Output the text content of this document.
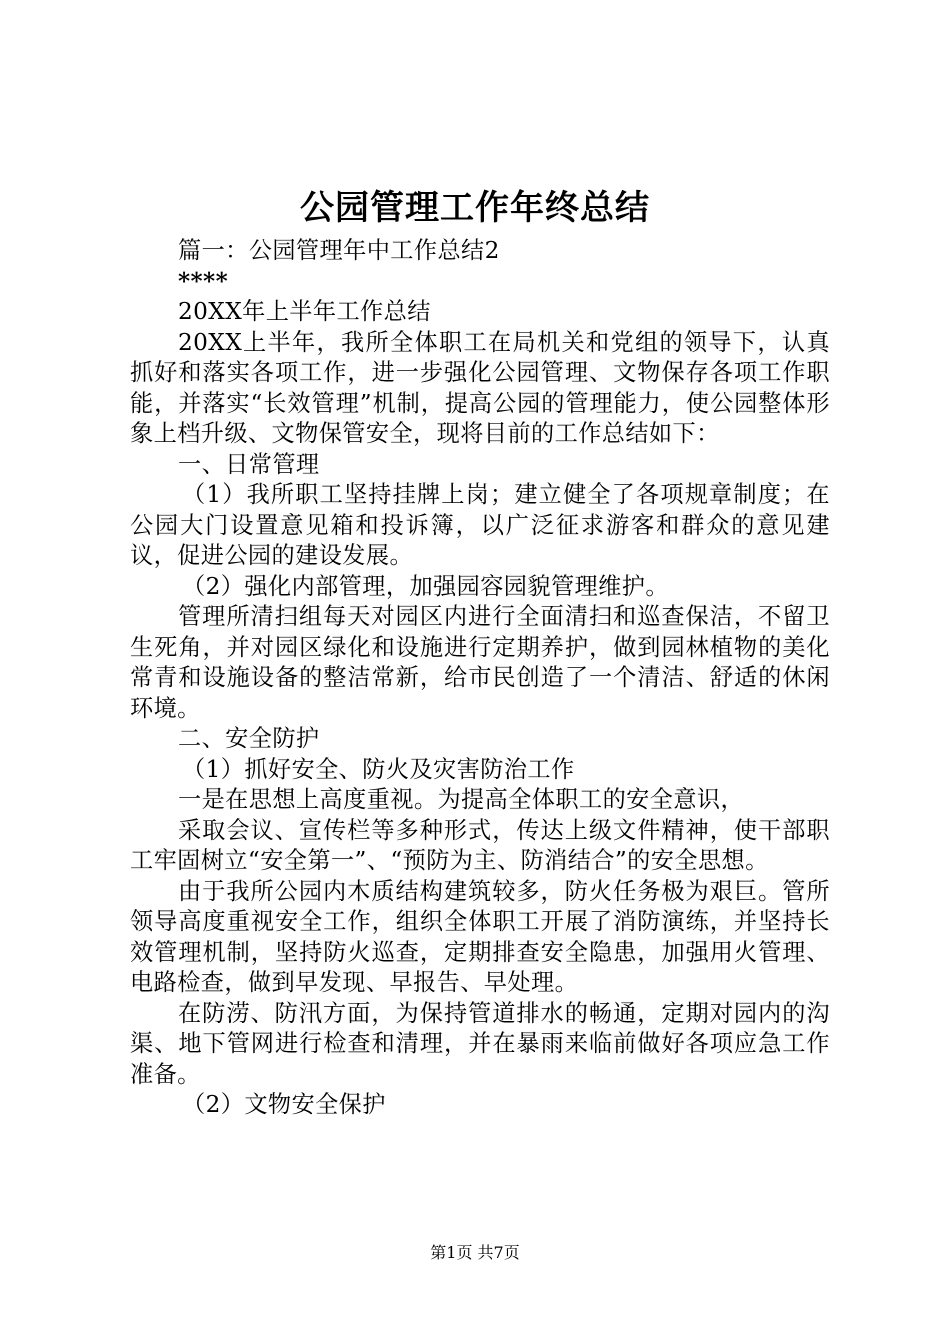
公园管理工作年终总结

篇一：公园管理年中工作总结2

****

20XX年上半年工作总结

20XX上半年，我所全体职工在局机关和党组的领导下，认真抓好和落实各项工作，进一步强化公园管理、文物保存各项工作职能，并落实“长效管理”机制，提高公园的管理能力，使公园整体形象上档升级、文物保管安全，现将目前的工作总结如下：

一、日常管理

（1）我所职工坚持挂牌上岗；建立健全了各项规章制度；在公园大门设置意见箱和投诉簿，以广泛征求游客和群众的意见建议，促进公园的建设发展。

（2）强化内部管理，加强园容园貌管理维护。

管理所清扫组每天对园区内进行全面清扫和巡查保洁，不留卫生死角，并对园区绿化和设施进行定期养护，做到园林植物的美化常青和设施设备的整洁常新，给市民创造了一个清洁、舒适的休闲环境。

二、安全防护

（1）抓好安全、防火及灾害防治工作

一是在思想上高度重视。为提高全体职工的安全意识，

采取会议、宣传栏等多种形式，传达上级文件精神，使干部职工牢固树立“安全第一”、“预防为主、防消结合”的安全思想。

由于我所公园内木质结构建筑较多，防火任务极为艰巨。管所领导高度重视安全工作，组织全体职工开展了消防演练，并坚持长效管理机制，坚持防火巡查，定期排查安全隐患，加强用火管理、电路检查，做到早发现、早报告、早处理。

在防涝、防汛方面，为保持管道排水的畅通，定期对园内的沟渠、地下管网进行检查和清理，并在暴雨来临前做好各项应急工作准备。

（2）文物安全保护

第1页 共7页
